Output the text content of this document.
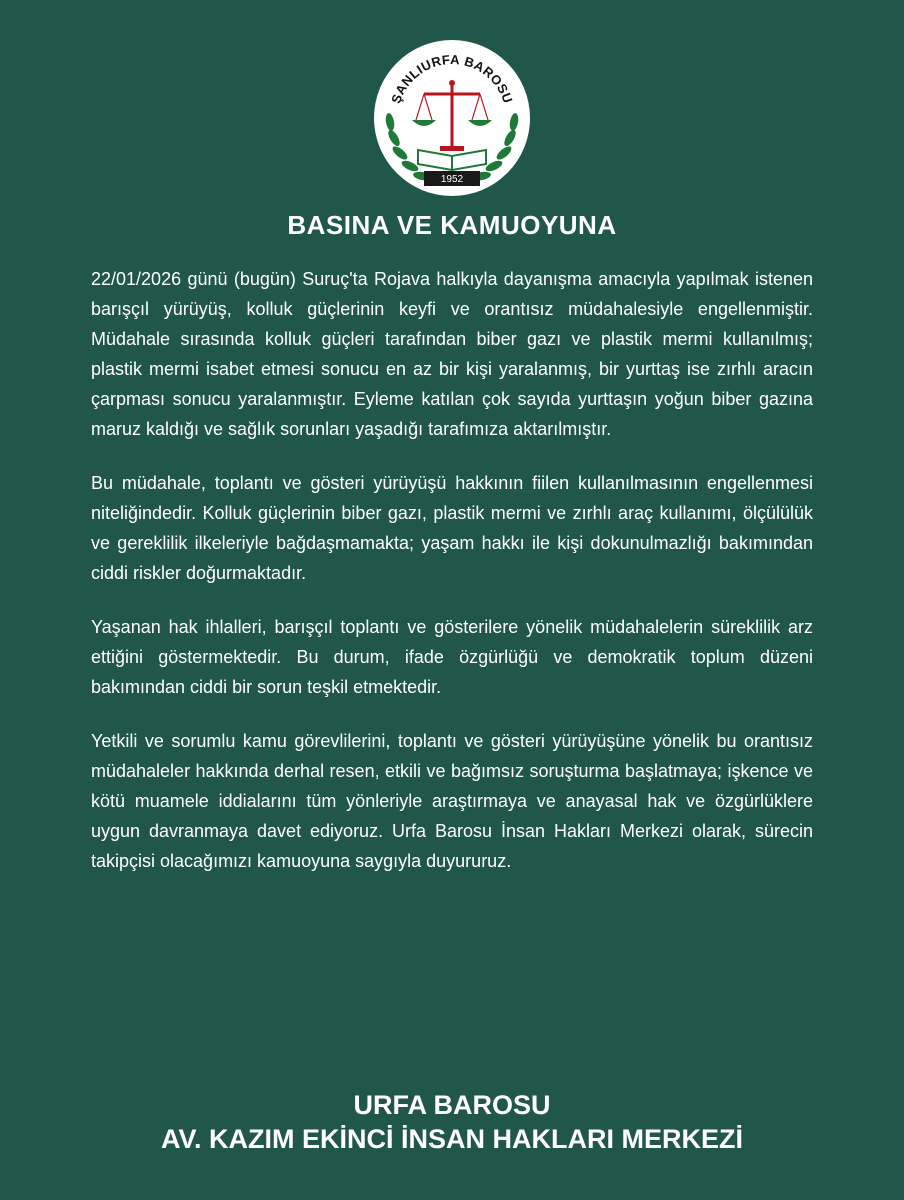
ŞANLIURFA BAROSU
1952
BASINA VE KAMUOYUNA

22/01/2026 günü (bugün) Suruç'ta Rojava halkıyla dayanışma amacıyla yapılmak istenen barışçıl yürüyüş, kolluk güçlerinin keyfi ve orantısız müdahalesiyle engellenmiştir. Müdahale sırasında kolluk güçleri tarafından biber gazı ve plastik mermi kullanılmış; plastik mermi isabet etmesi sonucu en az bir kişi yaralanmış, bir yurttaş ise zırhlı aracın çarpması sonucu yaralanmıştır. Eyleme katılan çok sayıda yurttaşın yoğun biber gazına maruz kaldığı ve sağlık sorunları yaşadığı tarafımıza aktarılmıştır.

Bu müdahale, toplantı ve gösteri yürüyüşü hakkının fiilen kullanılmasının engellenmesi niteliğindedir. Kolluk güçlerinin biber gazı, plastik mermi ve zırhlı araç kullanımı, ölçülülük ve gereklilik ilkeleriyle bağdaşmamakta; yaşam hakkı ile kişi dokunulmazlığı bakımından ciddi riskler doğurmaktadır.

Yaşanan hak ihlalleri, barışçıl toplantı ve gösterilere yönelik müdahalelerin süreklilik arz ettiğini göstermektedir. Bu durum, ifade özgürlüğü ve demokratik toplum düzeni bakımından ciddi bir sorun teşkil etmektedir.

Yetkili ve sorumlu kamu görevlilerini, toplantı ve gösteri yürüyüşüne yönelik bu orantısız müdahaleler hakkında derhal resen, etkili ve bağımsız soruşturma başlatmaya; işkence ve kötü muamele iddialarını tüm yönleriyle araştırmaya ve anayasal hak ve özgürlüklere uygun davranmaya davet ediyoruz. Urfa Barosu İnsan Hakları Merkezi olarak, sürecin takipçisi olacağımızı kamuoyuna saygıyla duyururuz.

URFA BAROSU
AV. KAZIM EKİNCİ İNSAN HAKLARI MERKEZİ
